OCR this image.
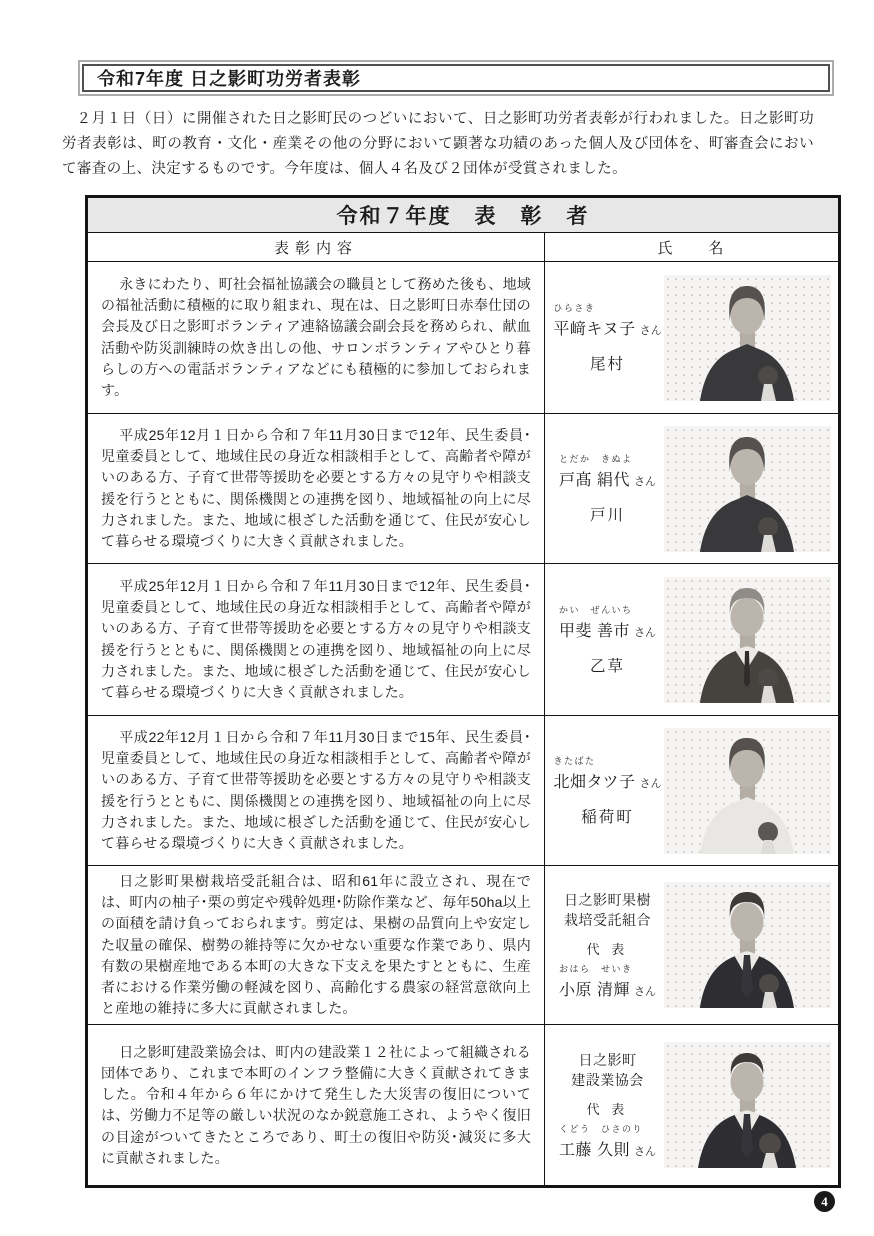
令和7年度 日之影町功労者表彰

２月１日（日）に開催された日之影町民のつどいにおいて、日之影町功労者表彰が行われました。日之影町功労者表彰は、町の教育・文化・産業その他の分野において顕著な功績のあった個人及び団体を、町審査会において審査の上、決定するものです。今年度は、個人４名及び２団体が受賞されました。

令和７年度　表　彰　者	
表彰内容	氏　　名

永きにわたり、町社会福祉協議会の職員として務めた後も、地域の福祉活動に積極的に取り組まれ、現在は、日之影町日赤奉仕団の会長及び日之影町ボランティア連絡協議会副会長を務められ、献血活動や防災訓練時の炊き出しの他、サロンボランティアやひとり暮らしの方への電話ボランティアなどにも積極的に参加しておられます。	ひらさき
平﨑キヌ子 さん
尾村

平成25年12月１日から令和７年11月30日まで12年、民生委員･児童委員として、地域住民の身近な相談相手として、高齢者や障がいのある方、子育て世帯等援助を必要とする方々の見守りや相談支援を行うとともに、関係機関との連携を図り、地域福祉の向上に尽力されました。また、地域に根ざした活動を通じて、住民が安心して暮らせる環境づくりに大きく貢献されました。	とだか　きぬよ
戸髙 絹代 さん
戸川

平成25年12月１日から令和７年11月30日まで12年、民生委員･児童委員として、地域住民の身近な相談相手として、高齢者や障がいのある方、子育て世帯等援助を必要とする方々の見守りや相談支援を行うとともに、関係機関との連携を図り、地域福祉の向上に尽力されました。また、地域に根ざした活動を通じて、住民が安心して暮らせる環境づくりに大きく貢献されました。	かい　ぜんいち
甲斐 善市 さん
乙草

平成22年12月１日から令和７年11月30日まで15年、民生委員･児童委員として、地域住民の身近な相談相手として、高齢者や障がいのある方、子育て世帯等援助を必要とする方々の見守りや相談支援を行うとともに、関係機関との連携を図り、地域福祉の向上に尽力されました。また、地域に根ざした活動を通じて、住民が安心して暮らせる環境づくりに大きく貢献されました。	きたばた
北畑タツ子 さん
稲荷町

日之影町果樹栽培受託組合は、昭和61年に設立され、現在では、町内の柚子･栗の剪定や残幹処理･防除作業など、毎年50ha以上の面積を請け負っておられます。剪定は、果樹の品質向上や安定した収量の確保、樹勢の維持等に欠かせない重要な作業であり、県内有数の果樹産地である本町の大きな下支えを果たすとともに、生産者における作業労働の軽減を図り、高齢化する農家の経営意欲向上と産地の維持に多大に貢献されました。	日之影町果樹
栽培受託組合
代 表
おはら　せいき
小原 清輝 さん

日之影町建設業協会は、町内の建設業１２社によって組織される団体であり、これまで本町のインフラ整備に大きく貢献されてきました。令和４年から６年にかけて発生した大災害の復旧については、労働力不足等の厳しい状況のなか鋭意施工され、ようやく復旧の目途がついてきたところであり、町土の復旧や防災･減災に多大に貢献されました。	日之影町
建設業協会
代 表
くどう　ひさのり
工藤 久則 さん
4
